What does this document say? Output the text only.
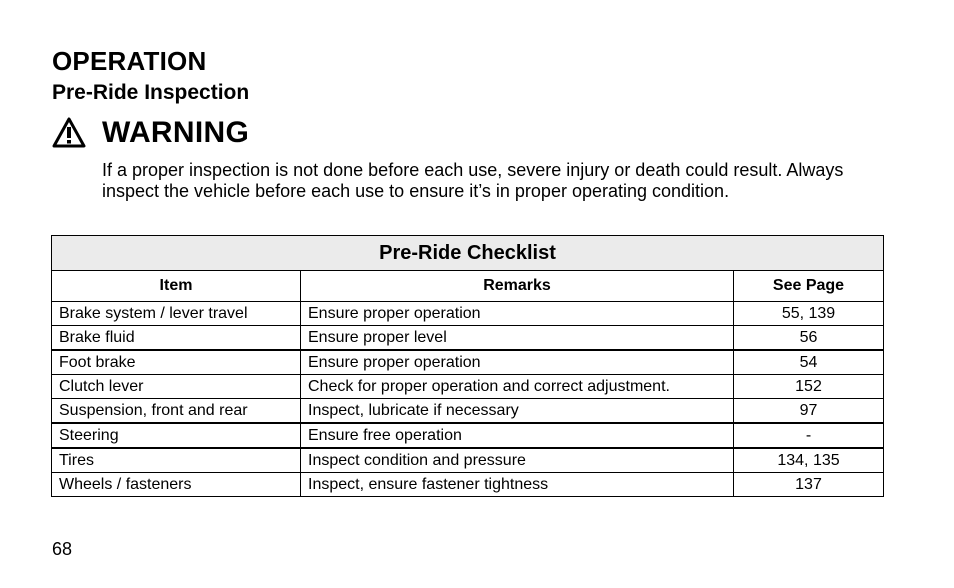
OPERATION
Pre-Ride Inspection
WARNING

If a proper inspection is not done before each use, severe injury or death could result. Always inspect the vehicle before each use to ensure it’s in proper operating condition.

Pre-Ride Checklist		
Item	Remarks	See Page
Brake system / lever travel	Ensure proper operation	55, 139
Brake fluid	Ensure proper level	56
Foot brake	Ensure proper operation	54
Clutch lever	Check for proper operation and correct adjustment.	152
Suspension, front and rear	Inspect, lubricate if necessary	97
Steering	Ensure free operation	-
Tires	Inspect condition and pressure	134, 135
Wheels / fasteners	Inspect, ensure fastener tightness	137
68
